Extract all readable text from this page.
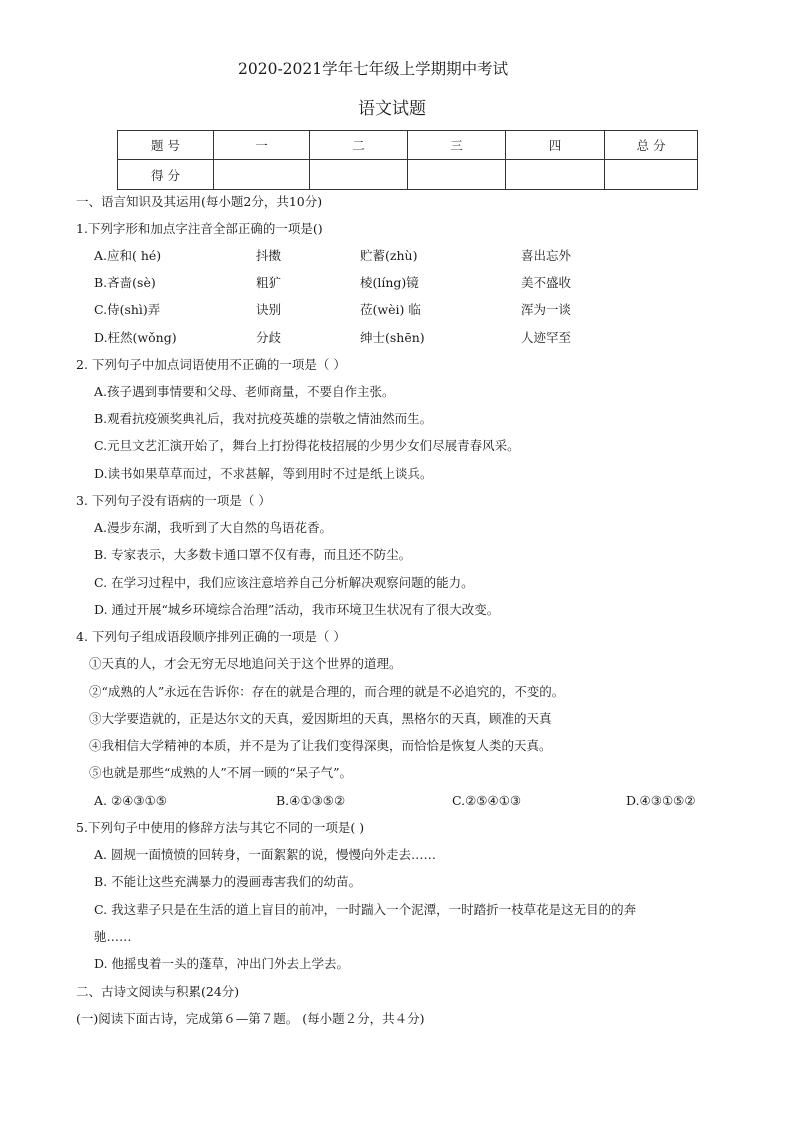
2020-2021学年七年级上学期期中考试
语文试题
题 号	一	二	三	四	总 分
得 分					
一、语言知识及其运用(每小题2分，共10分)
1.下列字形和加点字注音全部正确的一项是()
A.应和( hé)	抖擞	贮蓄(zhù)	喜出忘外
B.吝啬(sè)	粗犷	棱(líng)镜	美不盛收
C.侍(shì)弄	诀别	莅(wèi) 临	浑为一谈
D.枉然(wǒng)	分歧	绅士(shēn)	人迹罕至
2. 下列句子中加点词语使用不正确的一项是（ ）
A.孩子遇到事情要和父母、老师商量，不要自作主张。
B.观看抗疫颁奖典礼后，我对抗疫英雄的崇敬之情油然而生。
C.元旦文艺汇演开始了，舞台上打扮得花枝招展的少男少女们尽展青春风采。
D.读书如果草草而过，不求甚解，等到用时不过是纸上谈兵。
3. 下列句子没有语病的一项是（ ）
A.漫步东湖，我听到了大自然的鸟语花香。
B. 专家表示，大多数卡通口罩不仅有毒，而且还不防尘。
C. 在学习过程中，我们应该注意培养自己分析解决观察问题的能力。
D. 通过开展“城乡环境综合治理”活动，我市环境卫生状况有了很大改变。
4. 下列句子组成语段顺序排列正确的一项是（ ）
①天真的人，才会无穷无尽地追问关于这个世界的道理。
②“成熟的人”永远在告诉你：存在的就是合理的，而合理的就是不必追究的，不变的。
③大学要造就的，正是达尔文的天真，爱因斯坦的天真，黑格尔的天真，顾准的天真
④我相信大学精神的本质，并不是为了让我们变得深奥，而恰恰是恢复人类的天真。
⑤也就是那些“成熟的人”不屑一顾的“呆子气”。
A. ②④③①⑤	B.④①③⑤②	C.②⑤④①③	D.④③①⑤②
5.下列句子中使用的修辞方法与其它不同的一项是( )
A. 圆规一面愤愤的回转身，一面絮絮的说，慢慢向外走去……
B. 不能让这些充满暴力的漫画毒害我们的幼苗。
C. 我这辈子只是在生活的道上盲目的前冲，一时踹入一个泥潭，一时踏折一枝草花是这无目的的奔
驰……
D. 他摇曳着一头的蓬草，冲出门外去上学去。
二、古诗文阅读与积累(24分)
(一)阅读下面古诗，完成第６—第７题。 (每小题２分，共４分)
